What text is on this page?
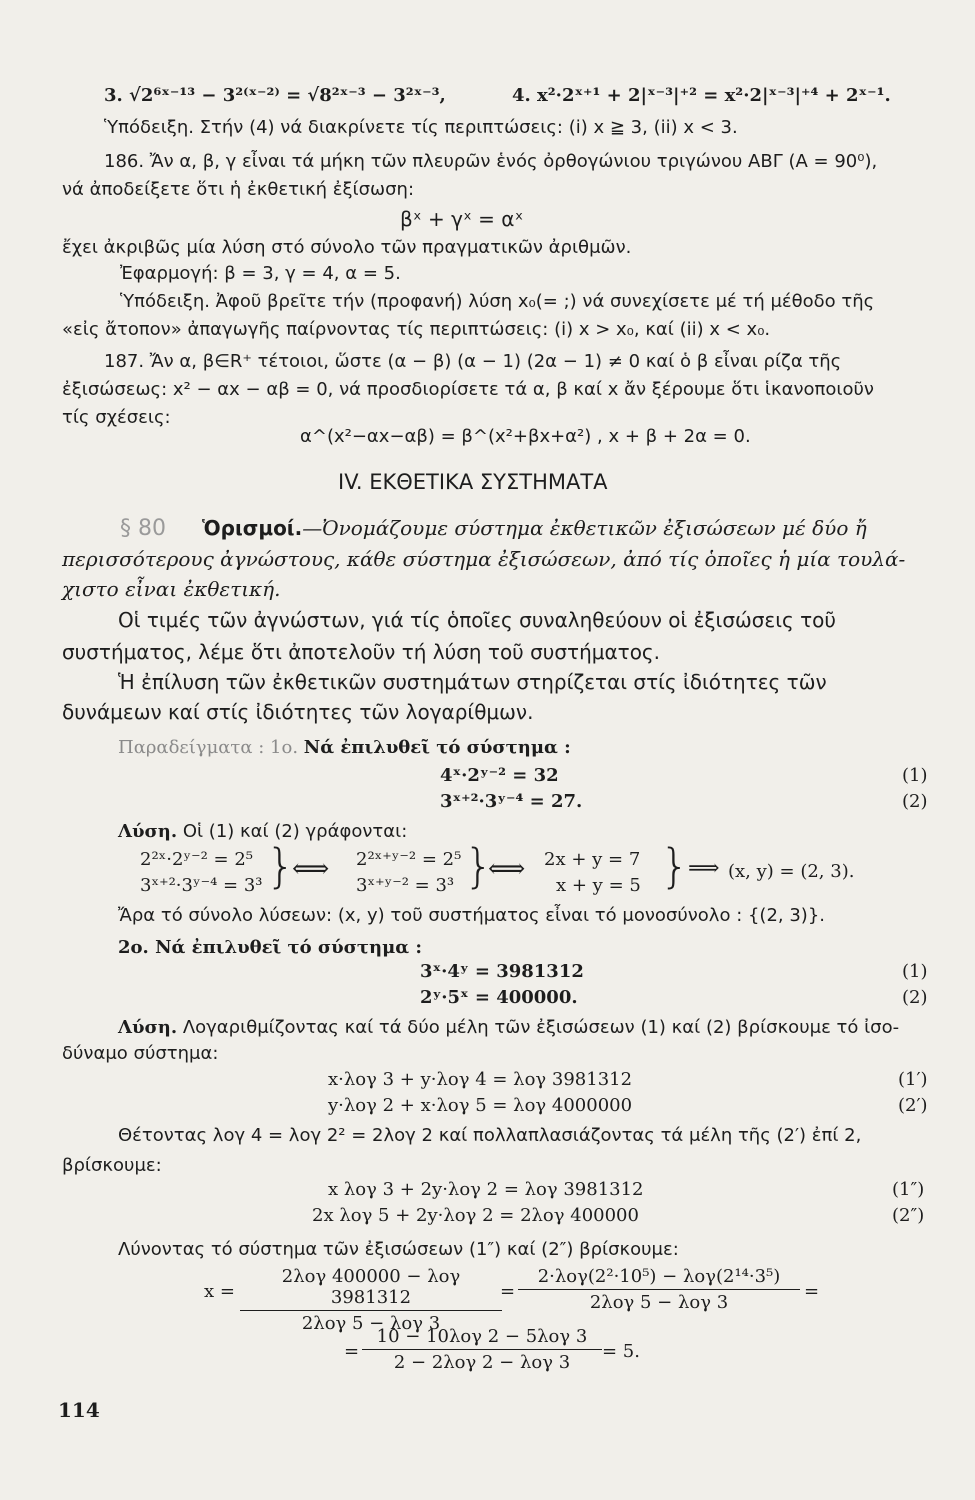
3. √2⁶ˣ⁻¹³ − 3²⁽ˣ⁻²⁾ = √8²ˣ⁻³ − 3²ˣ⁻³,	4. x²·2ˣ⁺¹ + 2|ˣ⁻³|⁺² = x²·2|ˣ⁻³|⁺⁴ + 2ˣ⁻¹.
Ὑπόδειξη. Στήν (4) νά διακρίνετε τίς περιπτώσεις: (i) x ≧ 3, (ii) x < 3.
186. Ἄν α, β, γ εἶναι τά μήκη τῶν πλευρῶν ἑνός ὀρθογώνιου τριγώνου ΑΒΓ (Α = 90⁰),
νά ἀποδείξετε ὅτι ἡ ἐκθετική ἐξίσωση:
βˣ + γˣ = αˣ
ἔχει ἀκριβῶς μία λύση στό σύνολο τῶν πραγματικῶν ἀριθμῶν.
Ἐφαρμογή: β = 3, γ = 4, α = 5.
Ὑπόδειξη. Ἀφοῦ βρεῖτε τήν (προφανή) λύση x₀(= ;) νά συνεχίσετε μέ τή μέθοδο τῆς
«εἰς ἄτοπον» ἀπαγωγῆς παίρνοντας τίς περιπτώσεις: (i) x > x₀, καί (ii) x < x₀.
187. Ἄν α, β∈R⁺ τέτοιοι, ὥστε (α − β) (α − 1) (2α − 1) ≠ 0 καί ὁ β εἶναι ρίζα τῆς
ἐξισώσεως: x² − αx − αβ = 0, νά προσδιορίσετε τά α, β καί x ἄν ξέρουμε ὅτι ἱκανοποιοῦν
τίς σχέσεις:
α^(x²−αx−αβ) = β^(x²+βx+α²) , x + β + 2α = 0.
IV. ΕΚΘΕΤΙΚΑ ΣΥΣΤΗΜΑΤΑ
§ 80 Ὁρισμοί.—Ὀνομάζουμε σύστημα ἐκθετικῶν ἐξισώσεων μέ δύο ἤ
περισσότερους ἀγνώστους, κάθε σύστημα ἐξισώσεων, ἀπό τίς ὁποῖες ἡ μία τουλά-
χιστο εἶναι ἐκθετική.
Οἱ τιμές τῶν ἀγνώστων, γιά τίς ὁποῖες συναληθεύουν οἱ ἐξισώσεις τοῦ
συστήματος, λέμε ὅτι ἀποτελοῦν τή λύση τοῦ συστήματος.
Ἡ ἐπίλυση τῶν ἐκθετικῶν συστημάτων στηρίζεται στίς ἰδιότητες τῶν
δυνάμεων καί στίς ἰδιότητες τῶν λογαρίθμων.
Παραδείγματα : 1ο. Νά ἐπιλυθεῖ τό σύστημα :
4ˣ·2ʸ⁻² = 32	(1)
3ˣ⁺²·3ʸ⁻⁴ = 27.	(2)
Λύση. Οἱ (1) καί (2) γράφονται:
2²ˣ·2ʸ⁻² = 2⁵
3ˣ⁺²·3ʸ⁻⁴ = 3³ }
⟺ 2²ˣ⁺ʸ⁻² = 2⁵
3ˣ⁺ʸ⁻² = 3³ }
⟺ 2x + y = 7
x + y = 5 }
⟹ (x, y) = (2, 3).
Ἄρα τό σύνολο λύσεων: (x, y) τοῦ συστήματος εἶναι τό μονοσύνολο : {(2, 3)}.
2ο. Νά ἐπιλυθεῖ τό σύστημα :
3ˣ·4ʸ = 3981312	(1)
2ʸ·5ˣ = 400000.	(2)
Λύση. Λογαριθμίζοντας καί τά δύο μέλη τῶν ἐξισώσεων (1) καί (2) βρίσκουμε τό ἰσο-
δύναμο σύστημα:
x·λογ 3 + y·λογ 4 = λογ 3981312	(1′)
y·λογ 2 + x·λογ 5 = λογ 4000000	(2′)
Θέτοντας λογ 4 = λογ 2² = 2λογ 2 καί πολλαπλασιάζοντας τά μέλη τῆς (2′) ἐπί 2,
βρίσκουμε:
x λογ 3 + 2y·λογ 2 = λογ 3981312	(1″)
2x λογ 5 + 2y·λογ 2 = 2λογ 400000	(2″)
Λύνοντας τό σύστημα τῶν ἐξισώσεων (1″) καί (2″) βρίσκουμε:
x =
2λογ 400000 − λογ 3981312
2λογ 5 − λογ 3
=
2·λογ(2²·10⁵) − λογ(2¹⁴·3⁵)
2λογ 5 − λογ 3
=
10 − 10λογ 2 − 5λογ 3
2 − 2λογ 2 − λογ 3
=	= 5.
114
